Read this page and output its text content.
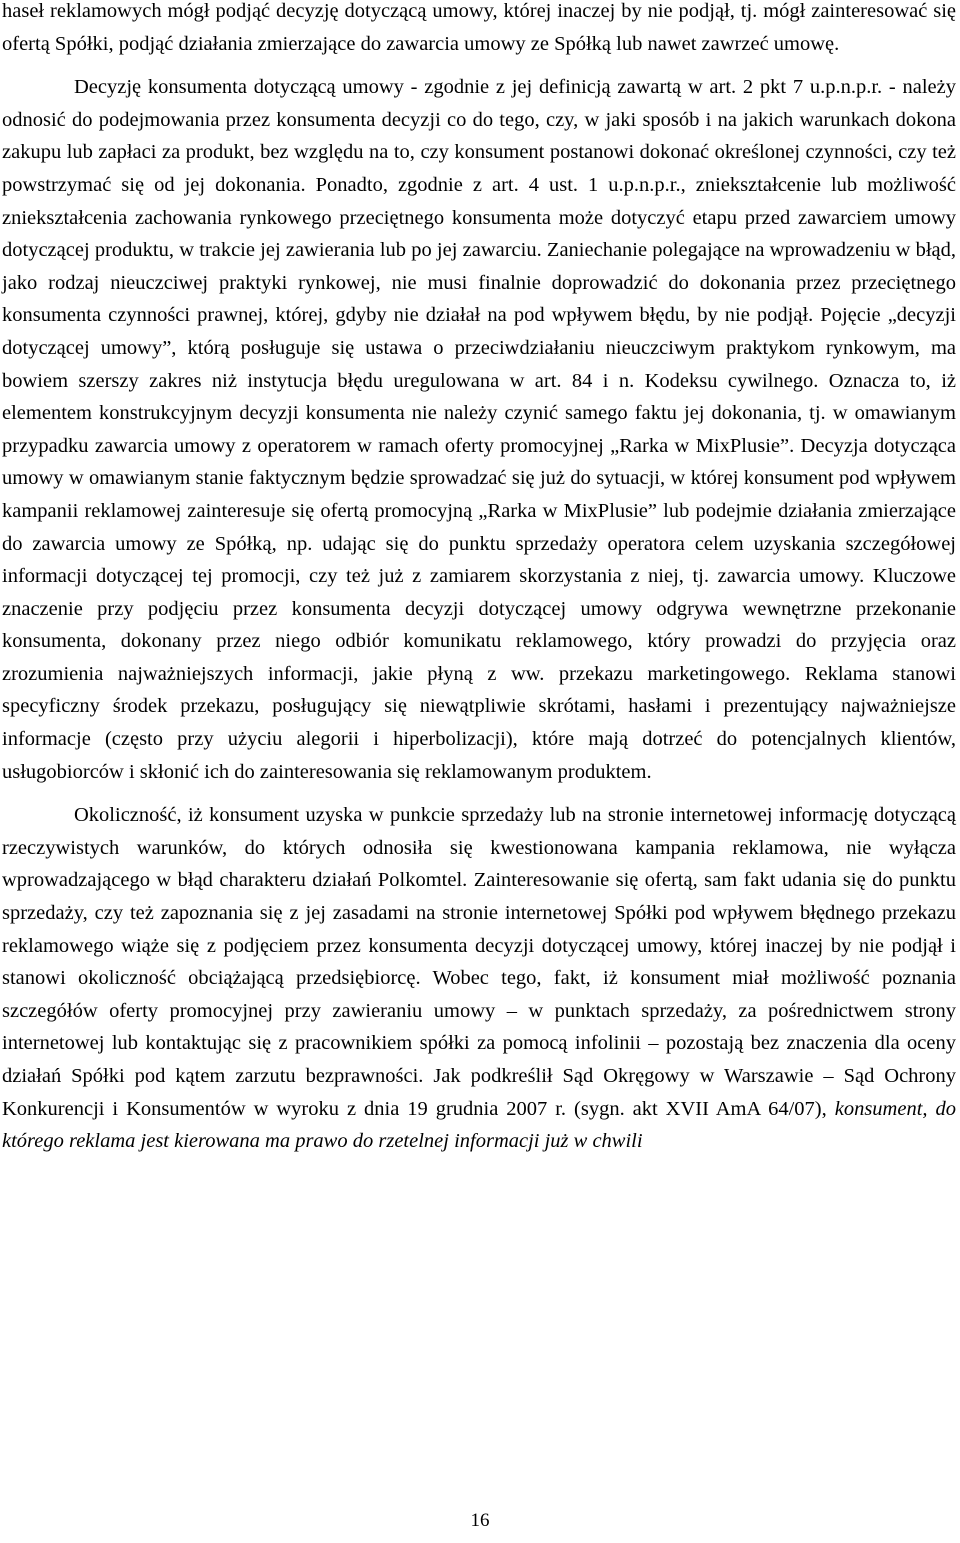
haseł reklamowych mógł podjąć decyzję dotyczącą umowy, której inaczej by nie podjął, tj. mógł zainteresować się ofertą Spółki, podjąć działania zmierzające do zawarcia umowy ze Spółką lub nawet zawrzeć umowę.

Decyzję konsumenta dotyczącą umowy - zgodnie z jej definicją zawartą w art. 2 pkt 7 u.p.n.p.r. - należy odnosić do podejmowania przez konsumenta decyzji co do tego, czy, w jaki sposób i na jakich warunkach dokona zakupu lub zapłaci za produkt, bez względu na to, czy konsument postanowi dokonać określonej czynności, czy też powstrzymać się od jej dokonania. Ponadto, zgodnie z art. 4 ust. 1 u.p.n.p.r., zniekształcenie lub możliwość zniekształcenia zachowania rynkowego przeciętnego konsumenta może dotyczyć etapu przed zawarciem umowy dotyczącej produktu, w trakcie jej zawierania lub po jej zawarciu. Zaniechanie polegające na wprowadzeniu w błąd, jako rodzaj nieuczciwej praktyki rynkowej, nie musi finalnie doprowadzić do dokonania przez przeciętnego konsumenta czynności prawnej, której, gdyby nie działał na pod wpływem błędu, by nie podjął. Pojęcie „decyzji dotyczącej umowy”, którą posługuje się ustawa o przeciwdziałaniu nieuczciwym praktykom rynkowym, ma bowiem szerszy zakres niż instytucja błędu uregulowana w art. 84 i n. Kodeksu cywilnego. Oznacza to, iż elementem konstrukcyjnym decyzji konsumenta nie należy czynić samego faktu jej dokonania, tj. w omawianym przypadku zawarcia umowy z operatorem w ramach oferty promocyjnej „Rarka w MixPlusie”. Decyzja dotycząca umowy w omawianym stanie faktycznym będzie sprowadzać się już do sytuacji, w której konsument pod wpływem kampanii reklamowej zainteresuje się ofertą promocyjną „Rarka w MixPlusie” lub podejmie działania zmierzające do zawarcia umowy ze Spółką, np. udając się do punktu sprzedaży operatora celem uzyskania szczegółowej informacji dotyczącej tej promocji, czy też już z zamiarem skorzystania z niej, tj. zawarcia umowy. Kluczowe znaczenie przy podjęciu przez konsumenta decyzji dotyczącej umowy odgrywa wewnętrzne przekonanie konsumenta, dokonany przez niego odbiór komunikatu reklamowego, który prowadzi do przyjęcia oraz zrozumienia najważniejszych informacji, jakie płyną z ww. przekazu marketingowego. Reklama stanowi specyficzny środek przekazu, posługujący się niewątpliwie skrótami, hasłami i prezentujący najważniejsze informacje (często przy użyciu alegorii i hiperbolizacji), które mają dotrzeć do potencjalnych klientów, usługobiorców i skłonić ich do zainteresowania się reklamowanym produktem.

Okoliczność, iż konsument uzyska w punkcie sprzedaży lub na stronie internetowej informację dotyczącą rzeczywistych warunków, do których odnosiła się kwestionowana kampania reklamowa, nie wyłącza wprowadzającego w błąd charakteru działań Polkomtel. Zainteresowanie się ofertą, sam fakt udania się do punktu sprzedaży, czy też zapoznania się z jej zasadami na stronie internetowej Spółki pod wpływem błędnego przekazu reklamowego wiąże się z podjęciem przez konsumenta decyzji dotyczącej umowy, której inaczej by nie podjął i stanowi okoliczność obciążającą przedsiębiorcę. Wobec tego, fakt, iż konsument miał możliwość poznania szczegółów oferty promocyjnej przy zawieraniu umowy – w punktach sprzedaży, za pośrednictwem strony internetowej lub kontaktując się z pracownikiem spółki za pomocą infolinii – pozostają bez znaczenia dla oceny działań Spółki pod kątem zarzutu bezprawności. Jak podkreślił Sąd Okręgowy w Warszawie – Sąd Ochrony Konkurencji i Konsumentów w wyroku z dnia 19 grudnia 2007 r. (sygn. akt XVII AmA 64/07), konsument, do którego reklama jest kierowana ma prawo do rzetelnej informacji już w chwili

16
